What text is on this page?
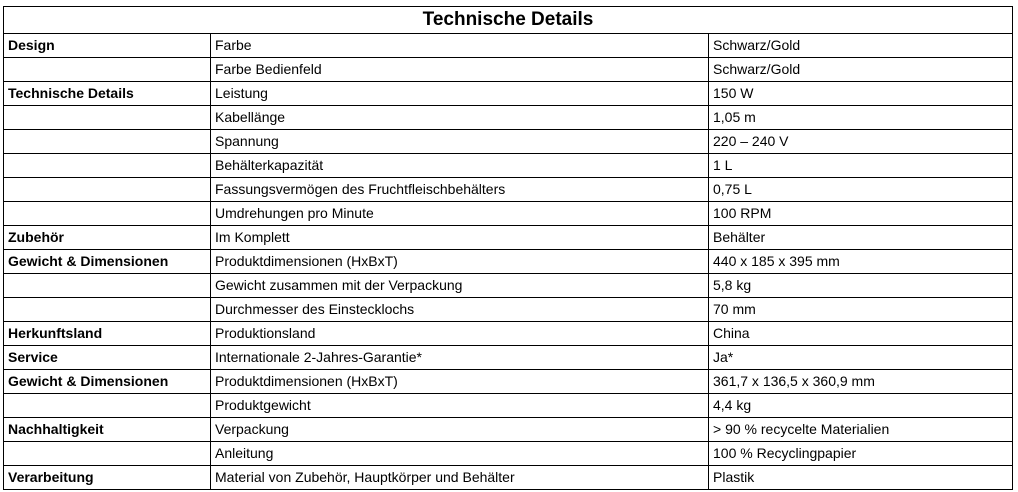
Technische Details		
Design	Farbe	Schwarz/Gold
	Farbe Bedienfeld	Schwarz/Gold
Technische Details	Leistung	150 W
	Kabellänge	1,05 m
	Spannung	220 – 240 V
	Behälterkapazität	1 L
	Fassungsvermögen des Fruchtfleischbehälters	0,75 L
	Umdrehungen pro Minute	100 RPM
Zubehör	Im Komplett	Behälter
Gewicht & Dimensionen	Produktdimensionen (HxBxT)	440 x 185 x 395 mm
	Gewicht zusammen mit der Verpackung	5,8 kg
	Durchmesser des Einstecklochs	70 mm
Herkunftsland	Produktionsland	China
Service	Internationale 2-Jahres-Garantie*	Ja*
Gewicht & Dimensionen	Produktdimensionen (HxBxT)	361,7 x 136,5 x 360,9 mm
	Produktgewicht	4,4 kg
Nachhaltigkeit	Verpackung	> 90 % recycelte Materialien
	Anleitung	100 % Recyclingpapier
Verarbeitung	Material von Zubehör, Hauptkörper und Behälter	Plastik
